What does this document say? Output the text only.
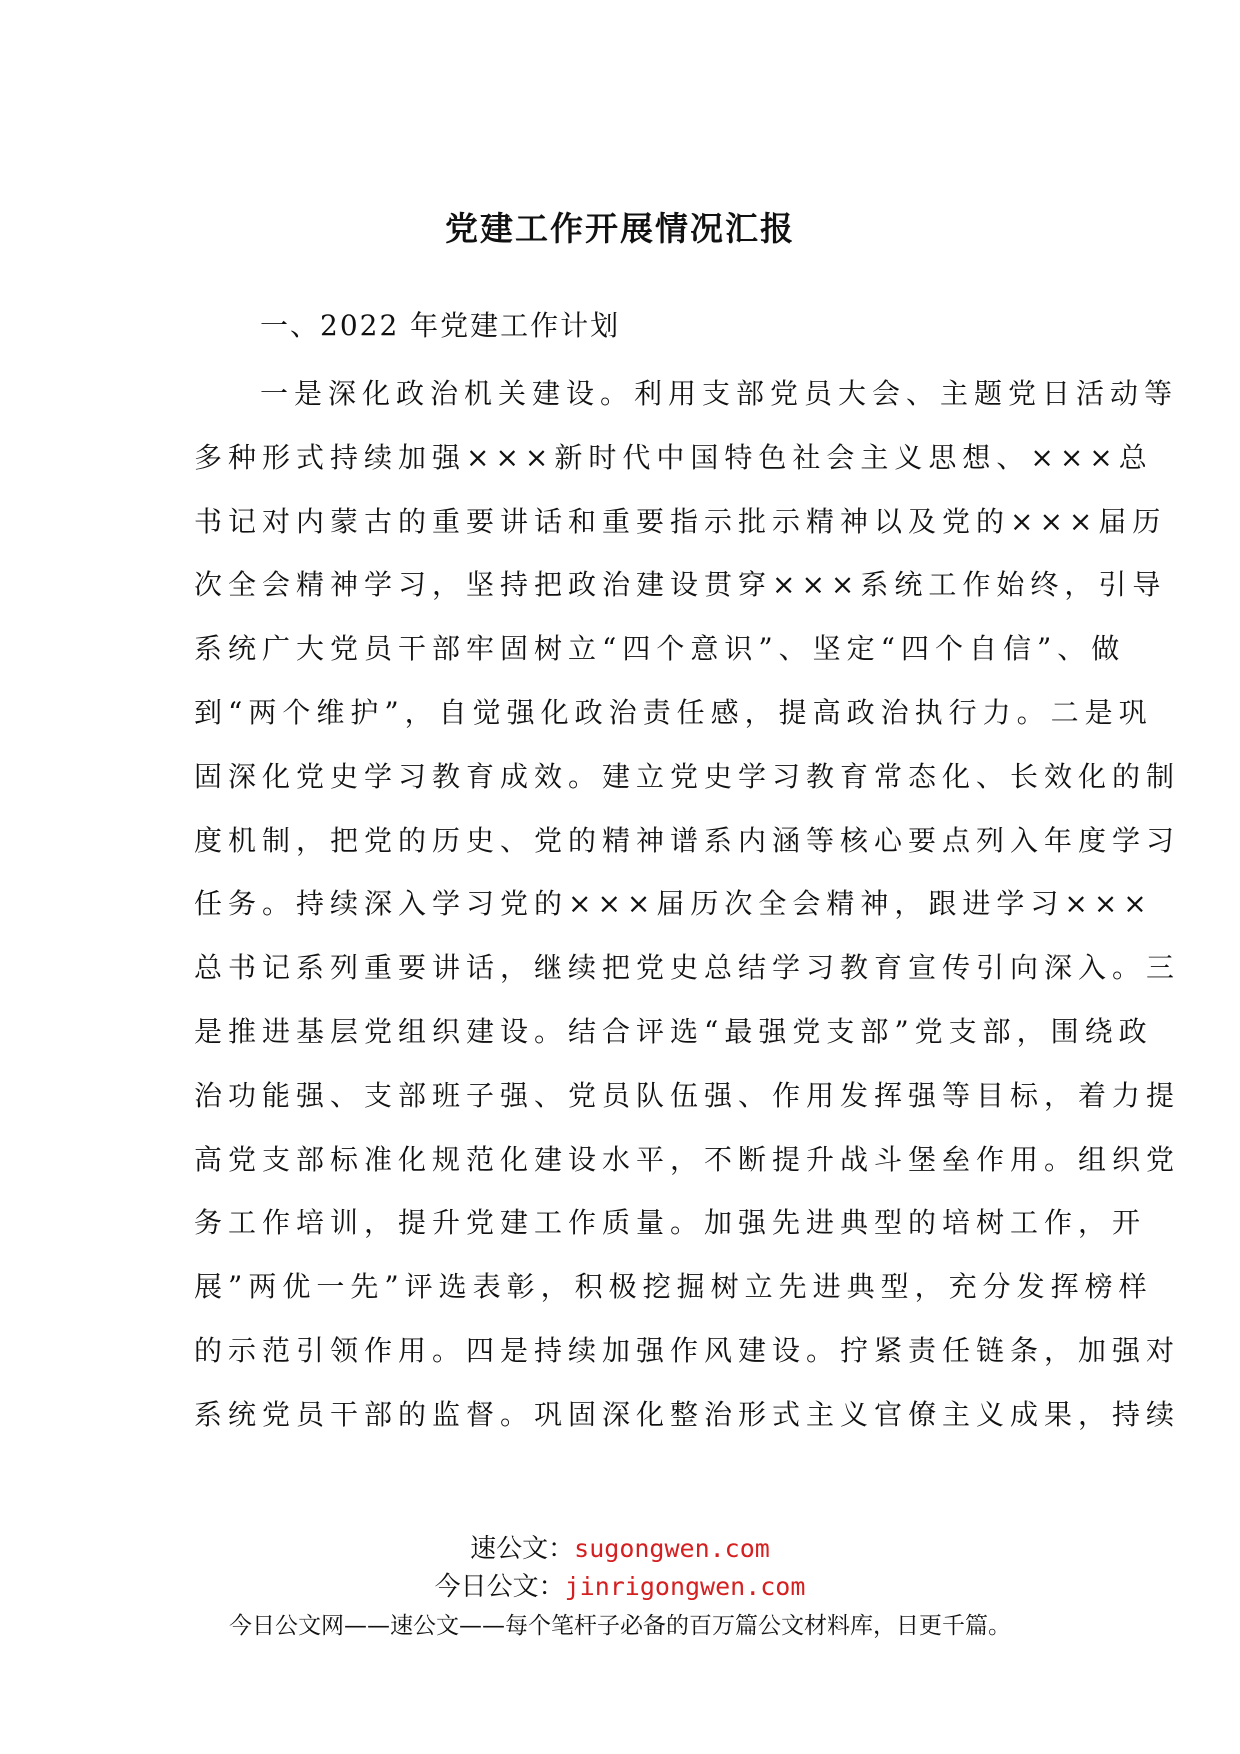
党建工作开展情况汇报
一、2022 年党建工作计划
一是深化政治机关建设。利用支部党员大会、主题党日活动等
多种形式持续加强×××新时代中国特色社会主义思想、×××总
书记对内蒙古的重要讲话和重要指示批示精神以及党的×××届历
次全会精神学习，坚持把政治建设贯穿×××系统工作始终，引导
系统广大党员干部牢固树立“四个意识”、坚定“四个自信”、做
到“两个维护”，自觉强化政治责任感，提高政治执行力。二是巩
固深化党史学习教育成效。建立党史学习教育常态化、长效化的制
度机制，把党的历史、党的精神谱系内涵等核心要点列入年度学习
任务。持续深入学习党的×××届历次全会精神，跟进学习×××
总书记系列重要讲话，继续把党史总结学习教育宣传引向深入。三
是推进基层党组织建设。结合评选“最强党支部”党支部，围绕政
治功能强、支部班子强、党员队伍强、作用发挥强等目标，着力提
高党支部标准化规范化建设水平，不断提升战斗堡垒作用。组织党
务工作培训，提升党建工作质量。加强先进典型的培树工作，开
展”两优一先”评选表彰，积极挖掘树立先进典型，充分发挥榜样
的示范引领作用。四是持续加强作风建设。拧紧责任链条，加强对
系统党员干部的监督。巩固深化整治形式主义官僚主义成果，持续
速公文：sugongwen.com
今日公文：jinrigongwen.com
今日公文网——速公文——每个笔杆子必备的百万篇公文材料库，日更千篇。
